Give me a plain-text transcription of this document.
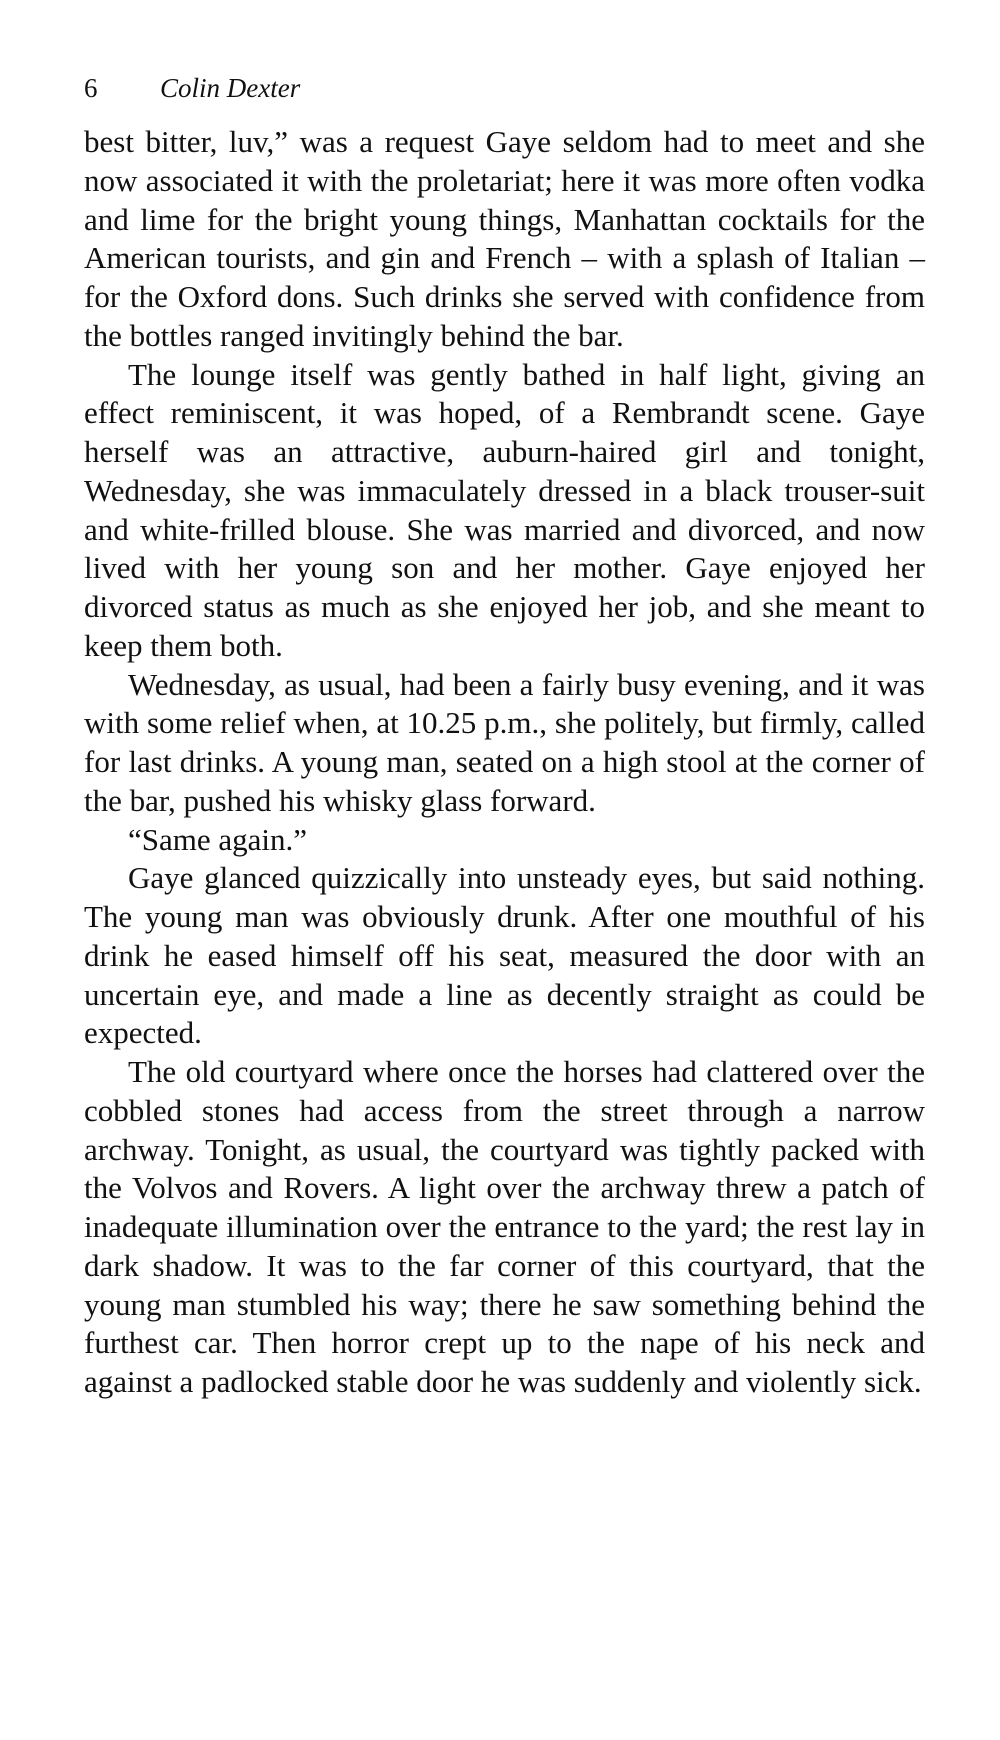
6 Colin Dexter

best bitter, luv,” was a request Gaye seldom had to meet and she now associated it with the proletariat; here it was more often vodka and lime for the bright young things, Manhattan cocktails for the American tourists, and gin and French – with a splash of Italian – for the Oxford dons. Such drinks she served with confidence from the bottles ranged invitingly behind the bar.

The lounge itself was gently bathed in half light, giving an effect reminiscent, it was hoped, of a Rembrandt scene. Gaye herself was an attractive, auburn-haired girl and tonight, Wednesday, she was immaculately dressed in a black trouser-suit and white-frilled blouse. She was married and divorced, and now lived with her young son and her mother. Gaye enjoyed her divorced status as much as she enjoyed her job, and she meant to keep them both.

Wednesday, as usual, had been a fairly busy evening, and it was with some relief when, at 10.25 p.m., she politely, but firmly, called for last drinks. A young man, seated on a high stool at the corner of the bar, pushed his whisky glass forward.

“Same again.”

Gaye glanced quizzically into unsteady eyes, but said nothing. The young man was obviously drunk. After one mouthful of his drink he eased himself off his seat, measured the door with an uncertain eye, and made a line as decently straight as could be expected.

The old courtyard where once the horses had clattered over the cobbled stones had access from the street through a narrow archway. Tonight, as usual, the courtyard was tightly packed with the Volvos and Rovers. A light over the archway threw a patch of inadequate illumination over the entrance to the yard; the rest lay in dark shadow. It was to the far corner of this courtyard, that the young man stumbled his way; there he saw something behind the furthest car. Then horror crept up to the nape of his neck and against a padlocked stable door he was suddenly and violently sick.
